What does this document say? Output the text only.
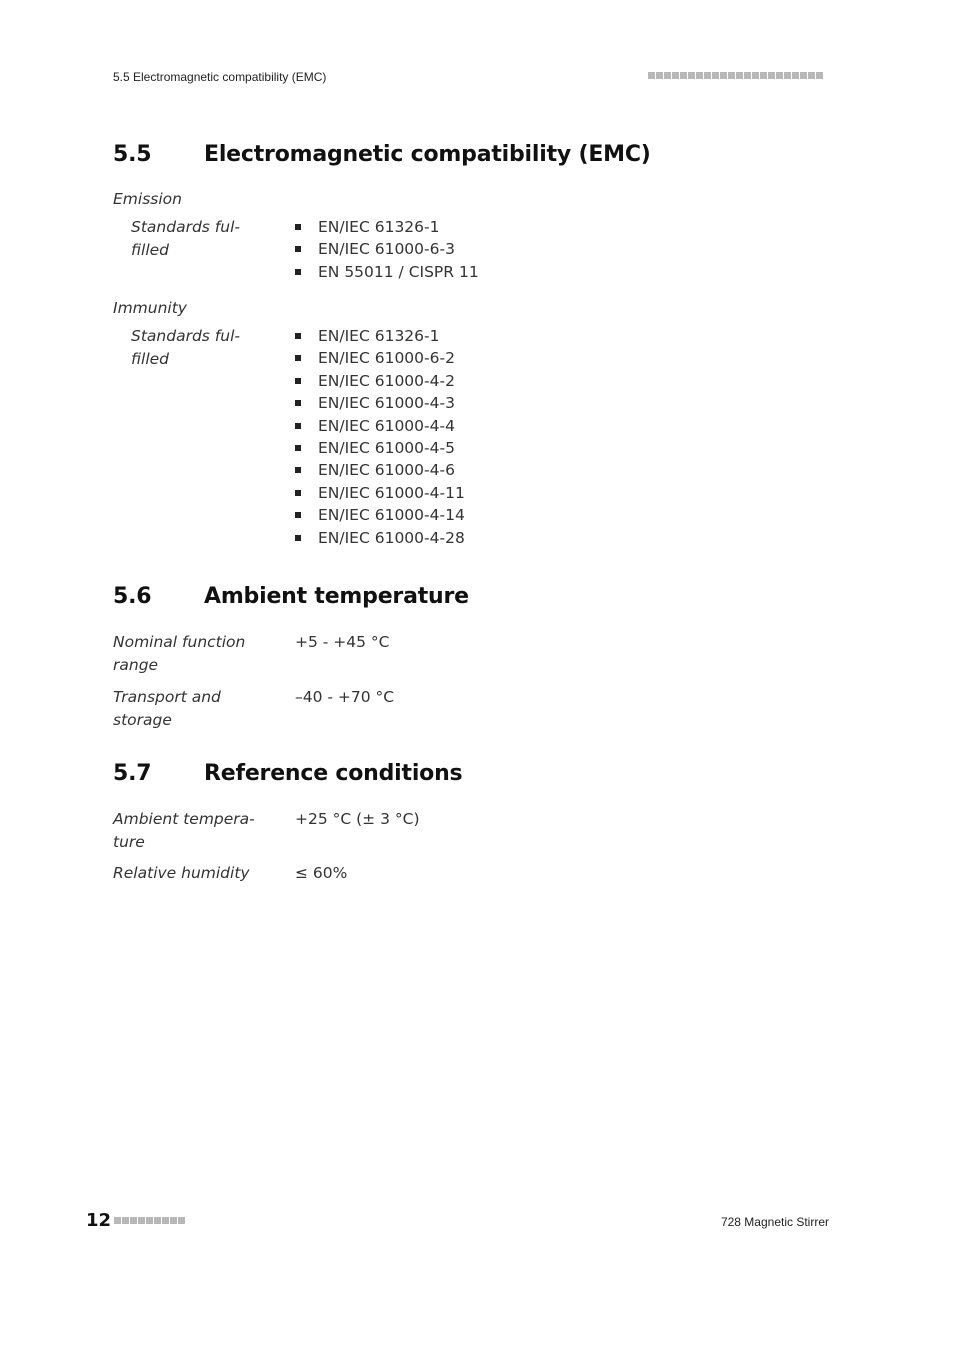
5.5 Electromagnetic compatibility (EMC)
5.5 Electromagnetic compatibility (EMC)
Emission
Standards ful-
filled
EN/IEC 61326-1
EN/IEC 61000-6-3
EN 55011 / CISPR 11
Immunity
Standards ful-
filled
EN/IEC 61326-1
EN/IEC 61000-6-2
EN/IEC 61000-4-2
EN/IEC 61000-4-3
EN/IEC 61000-4-4
EN/IEC 61000-4-5
EN/IEC 61000-4-6
EN/IEC 61000-4-11
EN/IEC 61000-4-14
EN/IEC 61000-4-28
5.6 Ambient temperature
Nominal function
range
+5 - +45 °C
Transport and
storage
–40 - +70 °C
5.7 Reference conditions
Ambient tempera-
ture
+25 °C (± 3 °C)
Relative humidity	≤ 60%
12	728 Magnetic Stirrer
